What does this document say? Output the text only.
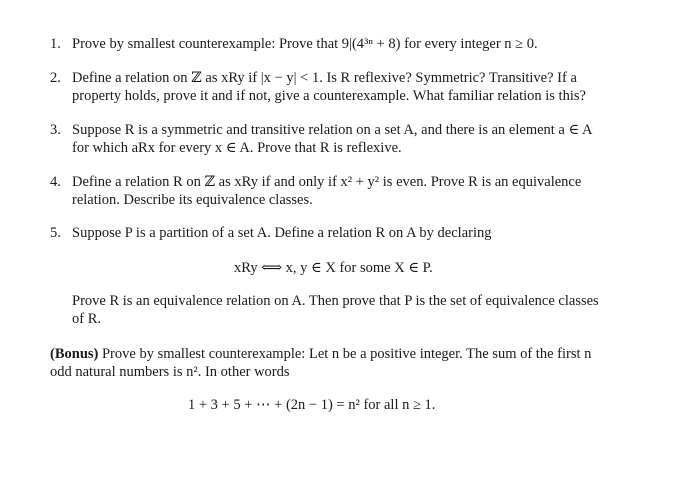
1. Prove by smallest counterexample: Prove that 9|(4³ⁿ + 8) for every integer n ≥ 0.
2. Define a relation on ℤ as xRy if |x − y| < 1. Is R reflexive? Symmetric? Transitive? If a
property holds, prove it and if not, give a counterexample. What familiar relation is this?
3. Suppose R is a symmetric and transitive relation on a set A, and there is an element a ∈ A
for which aRx for every x ∈ A. Prove that R is reflexive.
4. Define a relation R on ℤ as xRy if and only if x² + y² is even. Prove R is an equivalence
relation. Describe its equivalence classes.
5. Suppose P is a partition of a set A. Define a relation R on A by declaring
xRy ⟺ x, y ∈ X for some X ∈ P.
Prove R is an equivalence relation on A. Then prove that P is the set of equivalence classes
of R.
(Bonus) Prove by smallest counterexample: Let n be a positive integer. The sum of the first n
odd natural numbers is n². In other words
1 + 3 + 5 + ⋯ + (2n − 1) = n² for all n ≥ 1.
